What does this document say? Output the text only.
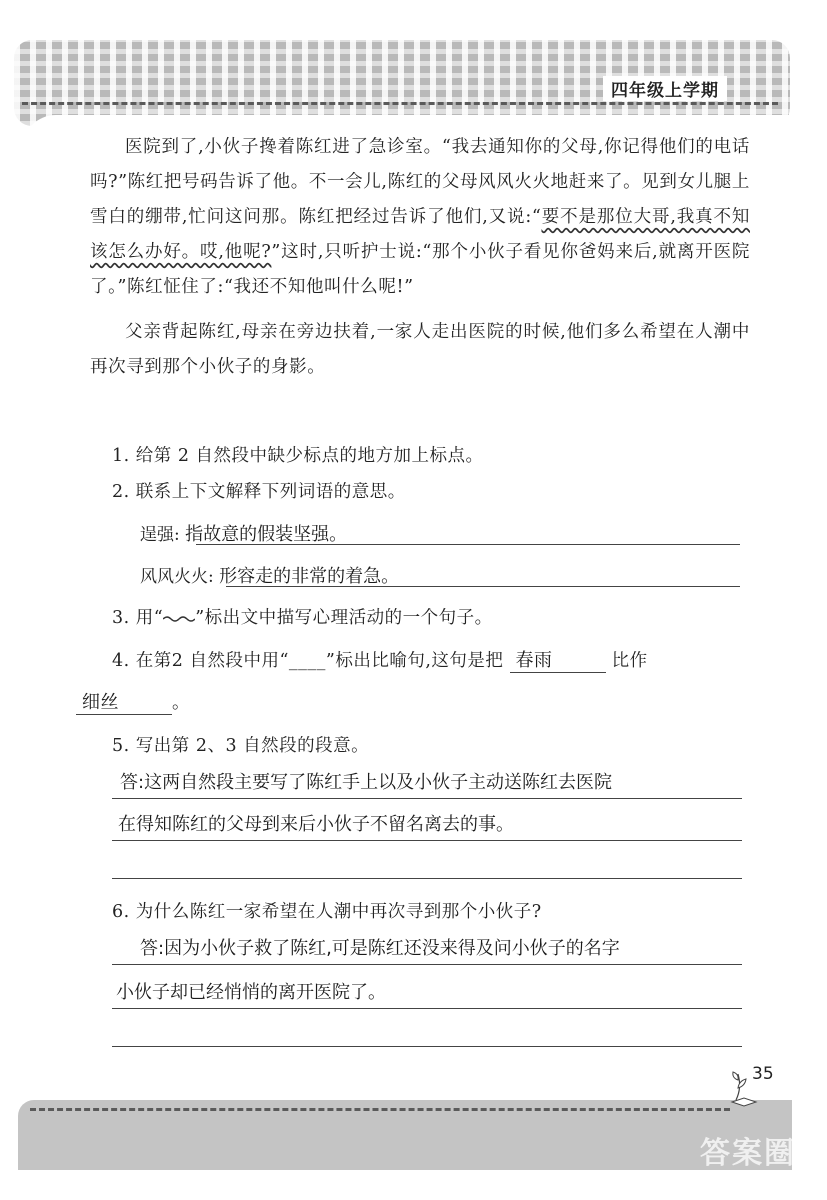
四年级上学期

医院到了,小伙子搀着陈红进了急诊室。“我去通知你的父母,你记得他们的电话吗?”陈红把号码告诉了他。不一会儿,陈红的父母风风火火地赶来了。见到女儿腿上雪白的绷带,忙问这问那。陈红把经过告诉了他们,又说:“要不是那位大哥,我真不知该怎么办好。哎,他呢?”这时,只听护士说:“那个小伙子看见你爸妈来后,就离开医院了。”陈红怔住了:“我还不知他叫什么呢!”

父亲背起陈红,母亲在旁边扶着,一家人走出医院的时候,他们多么希望在人潮中再次寻到那个小伙子的身影。

1. 给第 2 自然段中缺少标点的地方加上标点。
2. 联系上下文解释下列词语的意思。
逞强: 指故意的假装坚强。
风风火火: 形容走的非常的着急。
3. 用“ ”标出文中描写心理活动的一个句子。
4. 在第2 自然段中用“____”标出比喻句,这句是把 春雨	比作
细丝	。
5. 写出第 2、3 自然段的段意。
答:这两自然段主要写了陈红手上以及小伙子主动送陈红去医院
在得知陈红的父母到来后小伙子不留名离去的事。
6. 为什么陈红一家希望在人潮中再次寻到那个小伙子?
答:因为小伙子救了陈红,可是陈红还没来得及问小伙子的名字
小伙子却已经悄悄的离开医院了。
35
答案圈
MXQE.COM
